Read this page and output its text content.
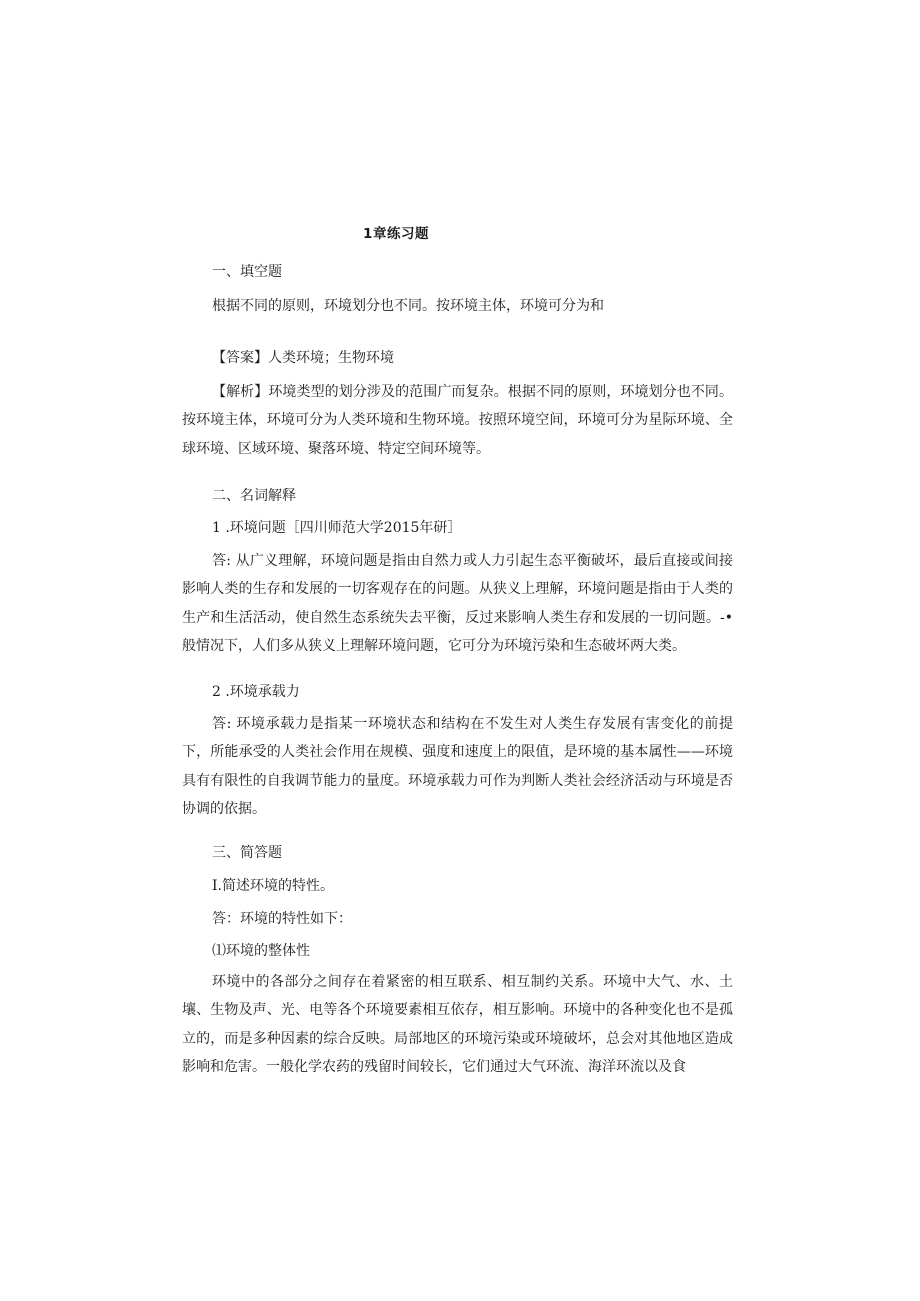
1章练习题
一、填空题
根据不同的原则，环境划分也不同。按环境主体，环境可分为和
【答案】人类环境；生物环境
【解析】环境类型的划分涉及的范围广而复杂。根据不同的原则，环境划分也不同。按环境主体，环境可分为人类环境和生物环境。按照环境空间，环境可分为星际环境、全球环境、区域环境、聚落环境、特定空间环境等。
二、名词解释
1 .环境问题［四川师范大学2015年研］
答: 从广义理解，环境问题是指由自然力或人力引起生态平衡破坏，最后直接或间接影响人类的生存和发展的一切客观存在的问题。从狭义上理解，环境问题是指由于人类的生产和生活活动，使自然生态系统失去平衡，反过来影响人类生存和发展的一切问题。-•般情况下，人们多从狭义上理解环境问题，它可分为环境污染和生态破坏两大类。
2 .环境承载力
答: 环境承载力是指某一环境状态和结构在不发生对人类生存发展有害变化的前提下，所能承受的人类社会作用在规模、强度和速度上的限值，是环境的基本属性——环境具有有限性的自我调节能力的量度。环境承载力可作为判断人类社会经济活动与环境是否协调的依据。
三、简答题
I.简述环境的特性。
答：环境的特性如下：
⑴环境的整体性
环境中的各部分之间存在着紧密的相互联系、相互制约关系。环境中大气、水、土壤、生物及声、光、电等各个环境要素相互依存，相互影响。环境中的各种变化也不是孤立的，而是多种因素的综合反映。局部地区的环境污染或环境破坏，总会对其他地区造成影响和危害。一般化学农药的残留时间较长，它们通过大气环流、海洋环流以及食
